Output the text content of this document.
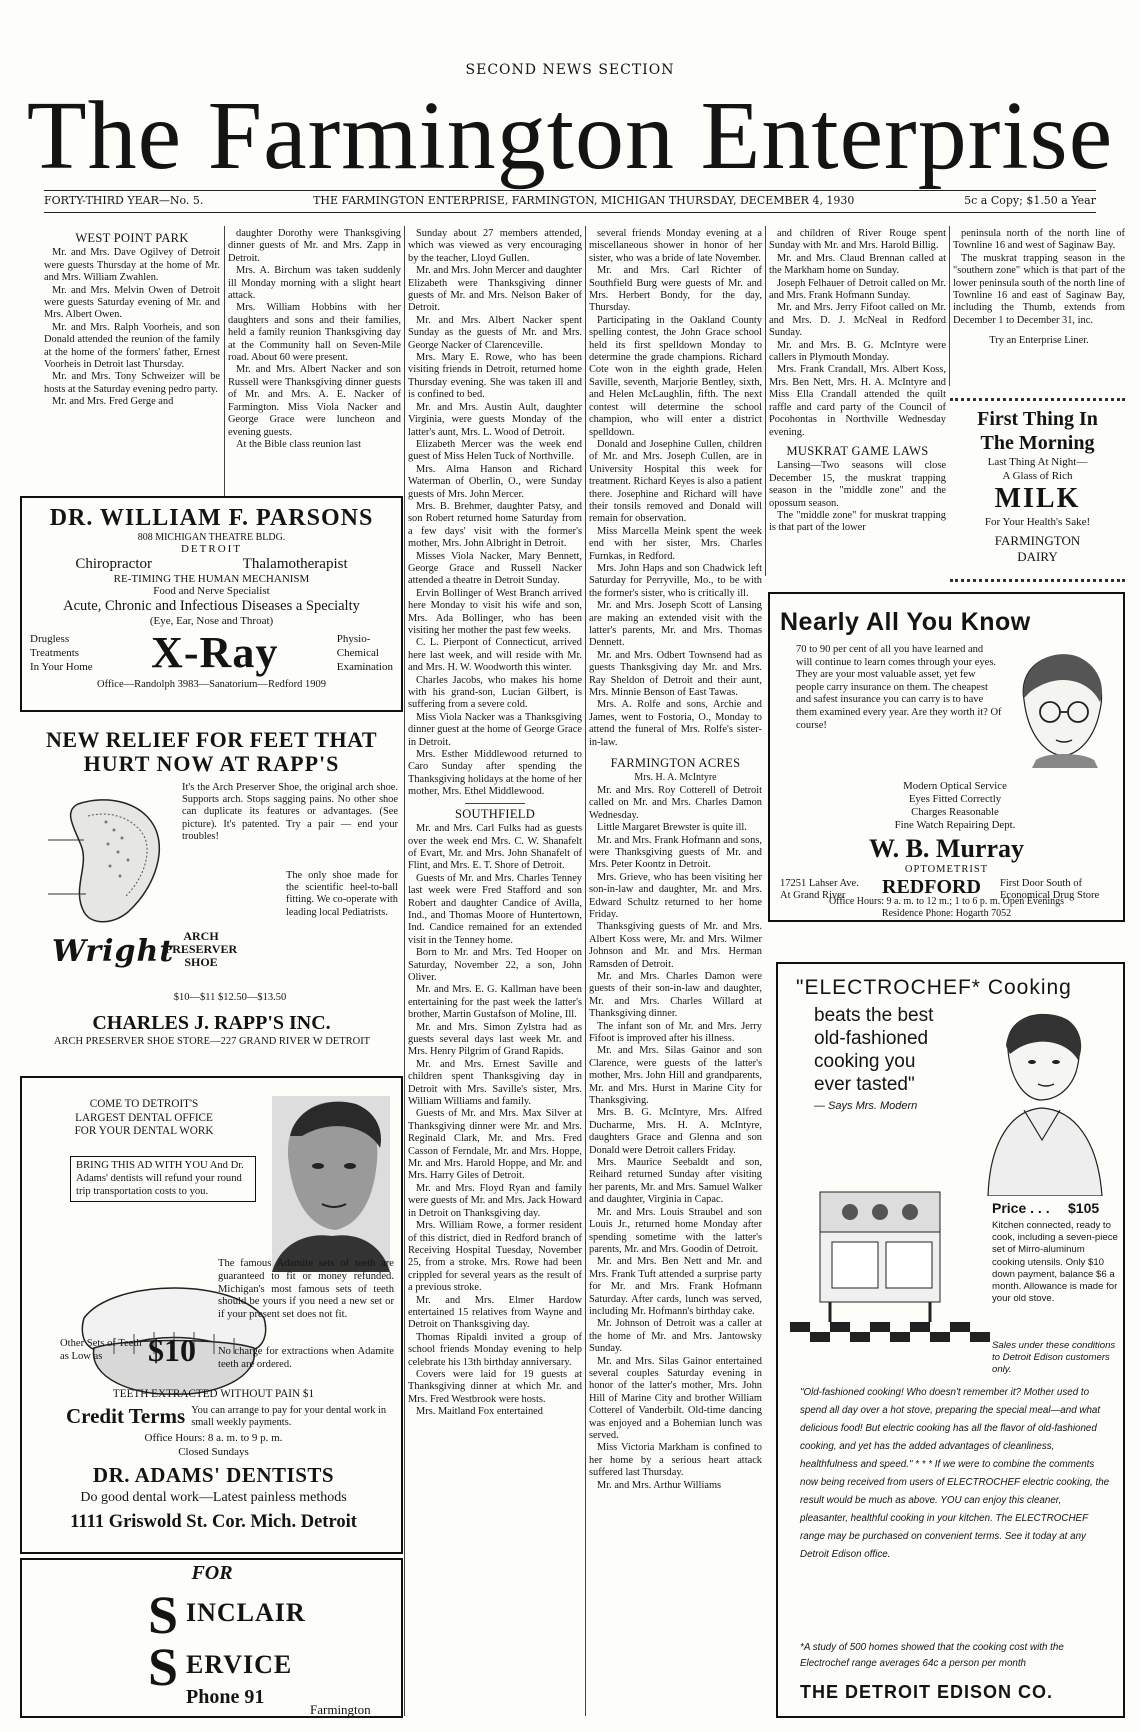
SECOND NEWS SECTION
The Farmington Enterprise
FORTY-THIRD YEAR—No. 5.	THE FARMINGTON ENTERPRISE, FARMINGTON, MICHIGAN THURSDAY, DECEMBER 4, 1930	5c a Copy; $1.50 a Year

WEST POINT PARK

Mr. and Mrs. Dave Ogilvey of Detroit were guests Thursday at the home of Mr. and Mrs. William Zwahlen.

Mr. and Mrs. Melvin Owen of Detroit were guests Saturday evening of Mr. and Mrs. Albert Owen.

Mr. and Mrs. Ralph Voorheis, and son Donald attended the reunion of the family at the home of the formers' father, Ernest Voorheis in Detroit last Thursday.

Mr. and Mrs. Tony Schweizer will be hosts at the Saturday evening pedro party.

Mr. and Mrs. Fred Gerge and

daughter Dorothy were Thanksgiving dinner guests of Mr. and Mrs. Zapp in Detroit.

Mrs. A. Birchum was taken suddenly ill Monday morning with a slight heart attack.

Mrs. William Hobbins with her daughters and sons and their families, held a family reunion Thanksgiving day at the Community hall on Seven-Mile road. About 60 were present.

Mr. and Mrs. Albert Nacker and son Russell were Thanksgiving dinner guests of Mr. and Mrs. A. E. Nacker of Farmington. Miss Viola Nacker and George Grace were luncheon and evening guests.

At the Bible class reunion last

DR. WILLIAM F. PARSONS
808 MICHIGAN THEATRE BLDG.
DETROIT
Chiropractor	Thalamotherapist
RE-TIMING THE HUMAN MECHANISM
Food and Nerve Specialist
Acute, Chronic and Infectious Diseases a Specialty
(Eye, Ear, Nose and Throat)
Drugless
Treatments
In Your Home X-Ray	Physio-
Chemical
Examination
Office—Randolph 3983—Sanatorium—Redford 1909
NEW RELIEF FOR FEET THAT
HURT NOW AT RAPP'S
It's the Arch Preserver Shoe, the original arch shoe. Supports arch. Stops sagging pains. No other shoe can duplicate its features or advantages. (See picture). It's patented. Try a pair — end your troubles!
Wright ARCH PRESERVER SHOE
The only shoe made for the scientific heel-to-ball fitting. We co-operate with leading local Pediatrists.
$10—$11 $12.50—$13.50
CHARLES J. RAPP'S INC.
ARCH PRESERVER SHOE STORE—227 GRAND RIVER W DETROIT
COME TO DETROIT'S
LARGEST DENTAL OFFICE
FOR YOUR DENTAL WORK
BRING THIS AD WITH YOU And Dr. Adams' dentists will refund your round trip transportation costs to you.
The famous Adamite sets of teeth are guaranteed to fit or money refunded. Michigan's most famous sets of teeth should be yours if you need a new set or if your present set does not fit.
Other Sets of Teeth as Low as	$10 No charge for extractions when Adamite teeth are ordered.
TEETH EXTRACTED WITHOUT PAIN $1
Credit Terms You can arrange to pay for your dental work in small weekly payments.
Office Hours: 8 a. m. to 9 p. m.
Closed Sundays
DR. ADAMS' DENTISTS
Do good dental work—Latest painless methods
1111 Griswold St. Cor. Mich. Detroit
FOR
S INCLAIR
S ERVICE
Phone 91
Farmington

Sunday about 27 members attended, which was viewed as very encouraging by the teacher, Lloyd Gullen.

Mr. and Mrs. John Mercer and daughter Elizabeth were Thanksgiving dinner guests of Mr. and Mrs. Nelson Baker of Detroit.

Mr. and Mrs. Albert Nacker spent Sunday as the guests of Mr. and Mrs. George Nacker of Clarenceville.

Mrs. Mary E. Rowe, who has been visiting friends in Detroit, returned home Thursday evening. She was taken ill and is confined to bed.

Mr. and Mrs. Austin Ault, daughter Virginia, were guests Monday of the latter's aunt, Mrs. L. Wood of Detroit.

Elizabeth Mercer was the week end guest of Miss Helen Tuck of Northville.

Mrs. Alma Hanson and Richard Waterman of Oberlin, O., were Sunday guests of Mrs. John Mercer.

Mrs. B. Brehmer, daughter Patsy, and son Robert returned home Saturday from a few days' visit with the former's mother, Mrs. John Albright in Detroit.

Misses Viola Nacker, Mary Bennett, George Grace and Russell Nacker attended a theatre in Detroit Sunday.

Ervin Bollinger of West Branch arrived here Monday to visit his wife and son, Mrs. Ada Bollinger, who has been visiting her mother the past few weeks.

C. L. Pierpont of Connecticut, arrived here last week, and will reside with Mr. and Mrs. H. W. Woodworth this winter.

Charles Jacobs, who makes his home with his grand-son, Lucian Gilbert, is suffering from a severe cold.

Miss Viola Nacker was a Thanksgiving dinner guest at the home of George Grace in Detroit.

Mrs. Esther Middlewood returned to Caro Sunday after spending the Thanksgiving holidays at the home of her mother, Mrs. Ethel Middlewood.

SOUTHFIELD

Mr. and Mrs. Carl Fulks had as guests over the week end Mrs. C. W. Shanafelt of Evart, Mr. and Mrs. John Shanafelt of Flint, and Mrs. E. T. Shore of Detroit.

Guests of Mr. and Mrs. Charles Tenney last week were Fred Stafford and son Robert and daughter Candice of Avilla, Ind., and Thomas Moore of Huntertown, Ind. Candice remained for an extended visit in the Tenney home.

Born to Mr. and Mrs. Ted Hooper on Saturday, November 22, a son, John Oliver.

Mr. and Mrs. E. G. Kallman have been entertaining for the past week the latter's brother, Martin Gustafson of Moline, Ill.

Mr. and Mrs. Simon Zylstra had as guests several days last week Mr. and Mrs. Henry Pilgrim of Grand Rapids.

Mr. and Mrs. Ernest Saville and children spent Thanksgiving day in Detroit with Mrs. Saville's sister, Mrs. William Williams and family.

Guests of Mr. and Mrs. Max Silver at Thanksgiving dinner were Mr. and Mrs. Reginald Clark, Mr. and Mrs. Fred Casson of Ferndale, Mr. and Mrs. Hoppe, Mr. and Mrs. Harold Hoppe, and Mr. and Mrs. Harry Giles of Detroit.

Mr. and Mrs. Floyd Ryan and family were guests of Mr. and Mrs. Jack Howard in Detroit on Thanksgiving day.

Mrs. William Rowe, a former resident of this district, died in Redford branch of Receiving Hospital Tuesday, November 25, from a stroke. Mrs. Rowe had been crippled for several years as the result of a previous stroke.

Mr. and Mrs. Elmer Hardow entertained 15 relatives from Wayne and Detroit on Thanksgiving day.

Thomas Ripaldi invited a group of school friends Monday evening to help celebrate his 13th birthday anniversary.

Covers were laid for 19 guests at Thanksgiving dinner at which Mr. and Mrs. Fred Westbrook were hosts.

Mrs. Maitland Fox entertained

several friends Monday evening at a miscellaneous shower in honor of her sister, who was a bride of late November.

Mr. and Mrs. Carl Richter of Southfield Burg were guests of Mr. and Mrs. Herbert Bondy, for the day, Thursday.

Participating in the Oakland County spelling contest, the John Grace school held its first spelldown Monday to determine the grade champions. Richard Cote won in the eighth grade, Helen Saville, seventh, Marjorie Bentley, sixth, and Helen McLaughlin, fifth. The next contest will determine the school champion, who will enter a district spelldown.

Donald and Josephine Cullen, children of Mr. and Mrs. Joseph Cullen, are in University Hospital this week for treatment. Richard Keyes is also a patient there. Josephine and Richard will have their tonsils removed and Donald will remain for observation.

Miss Marcella Meink spent the week end with her sister, Mrs. Charles Furnkas, in Redford.

Mrs. John Haps and son Chadwick left Saturday for Perryville, Mo., to be with the former's sister, who is critically ill.

Mr. and Mrs. Joseph Scott of Lansing are making an extended visit with the latter's parents, Mr. and Mrs. Thomas Dennett.

Mr. and Mrs. Odbert Townsend had as guests Thanksgiving day Mr. and Mrs. Ray Sheldon of Detroit and their aunt, Mrs. Minnie Benson of East Tawas.

Mrs. A. Rolfe and sons, Archie and James, went to Fostoria, O., Monday to attend the funeral of Mrs. Rolfe's sister-in-law.

FARMINGTON ACRES

Mrs. H. A. McIntyre

Mr. and Mrs. Roy Cotterell of Detroit called on Mr. and Mrs. Charles Damon Wednesday.

Little Margaret Brewster is quite ill.

Mr. and Mrs. Frank Hofmann and sons, were Thanksgiving guests of Mr. and Mrs. Peter Koontz in Detroit.

Mrs. Grieve, who has been visiting her son-in-law and daughter, Mr. and Mrs. Edward Schultz returned to her home Friday.

Thanksgiving guests of Mr. and Mrs. Albert Koss were, Mr. and Mrs. Wilmer Johnson and Mr. and Mrs. Herman Ramsden of Detroit.

Mr. and Mrs. Charles Damon were guests of their son-in-law and daughter, Mr. and Mrs. Charles Willard at Thanksgiving dinner.

The infant son of Mr. and Mrs. Jerry Fifoot is improved after his illness.

Mr. and Mrs. Silas Gainor and son Clarence, were guests of the latter's mother, Mrs. John Hill and grandparents, Mr. and Mrs. Hurst in Marine City for Thanksgiving.

Mrs. B. G. McIntyre, Mrs. Alfred Ducharme, Mrs. H. A. McIntyre, daughters Grace and Glenna and son Donald were Detroit callers Friday.

Mrs. Maurice Seebaldt and son, Reihard returned Sunday after visiting her parents, Mr. and Mrs. Samuel Walker and daughter, Virginia in Capac.

Mr. and Mrs. Louis Straubel and son Louis Jr., returned home Monday after spending sometime with the latter's parents, Mr. and Mrs. Goodin of Detroit.

Mr. and Mrs. Ben Nett and Mr. and Mrs. Frank Tuft attended a surprise party for Mr. and Mrs. Frank Hofmann Saturday. After cards, lunch was served, including Mr. Hofmann's birthday cake.

Mr. Johnson of Detroit was a caller at the home of Mr. and Mrs. Jantowsky Sunday.

Mr. and Mrs. Silas Gainor entertained several couples Saturday evening in honor of the latter's mother, Mrs. John Hill of Marine City and brother William Cotterel of Vanderbilt. Old-time dancing was enjoyed and a Bohemian lunch was served.

Miss Victoria Markham is confined to her home by a serious heart attack suffered last Thursday.

Mr. and Mrs. Arthur Williams

and children of River Rouge spent Sunday with Mr. and Mrs. Harold Billig.

Mr. and Mrs. Claud Brennan called at the Markham home on Sunday.

Joseph Felhauer of Detroit called on Mr. and Mrs. Frank Hofmann Sunday.

Mr. and Mrs. Jerry Fifoot called on Mr. and Mrs. D. J. McNeal in Redford Sunday.

Mr. and Mrs. B. G. McIntyre were callers in Plymouth Monday.

Mrs. Frank Crandall, Mrs. Albert Koss, Mrs. Ben Nett, Mrs. H. A. McIntyre and Miss Ella Crandall attended the quilt raffle and card party of the Council of Pocohontas in Northville Wednesday evening.

MUSKRAT GAME LAWS

Lansing—Two seasons will close December 15, the muskrat trapping season in the "middle zone" and the opossum season.

The "middle zone" for muskrat trapping is that part of the lower

peninsula north of the north line of Townline 16 and west of Saginaw Bay.

The muskrat trapping season in the "southern zone" which is that part of the lower peninsula south of the north line of Townline 16 and east of Saginaw Bay, including the Thumb, extends from December 1 to December 31, inc.

Try an Enterprise Liner.

First Thing In
The Morning
Last Thing At Night—
A Glass of Rich
MILK
For Your Health's Sake!
FARMINGTON
DAIRY
Nearly All You Know
70 to 90 per cent of all you have learned and will continue to learn comes through your eyes. They are your most valuable asset, yet few people carry insurance on them. The cheapest and safest insurance you can carry is to have them examined every year. Are they worth it? Of course!
Modern Optical Service
Eyes Fitted Correctly
Charges Reasonable
Fine Watch Repairing Dept.
W. B. Murray
OPTOMETRIST
17251 Lahser Ave.
At Grand River	REDFORD First Door South of
Economical Drug Store
Office Hours: 9 a. m. to 12 m.; 1 to 6 p. m. Open Evenings
Residence Phone: Hogarth 7052
"ELECTROCHEF* Cooking
beats the best
old-fashioned
cooking you
ever tasted"
— Says Mrs. Modern
Price . . . $105
Kitchen connected, ready to cook, including a seven-piece set of Mirro-aluminum cooking utensils. Only $10 down payment, balance $6 a month. Allowance is made for your old stove.
Sales under these conditions to Detroit Edison customers only.
"Old-fashioned cooking! Who doesn't remember it? Mother used to spend all day over a hot stove, preparing the special meal—and what delicious food! But electric cooking has all the flavor of old-fashioned cooking, and yet has the added advantages of cleanliness, healthfulness and speed." * * * If we were to combine the comments now being received from users of ELECTROCHEF electric cooking, the result would be much as above. YOU can enjoy this cleaner, pleasanter, healthful cooking in your kitchen. The ELECTROCHEF range may be purchased on convenient terms. See it today at any Detroit Edison office.
*A study of 500 homes showed that the cooking cost with the Electrochef range averages 64c a person per month
THE DETROIT EDISON CO.
